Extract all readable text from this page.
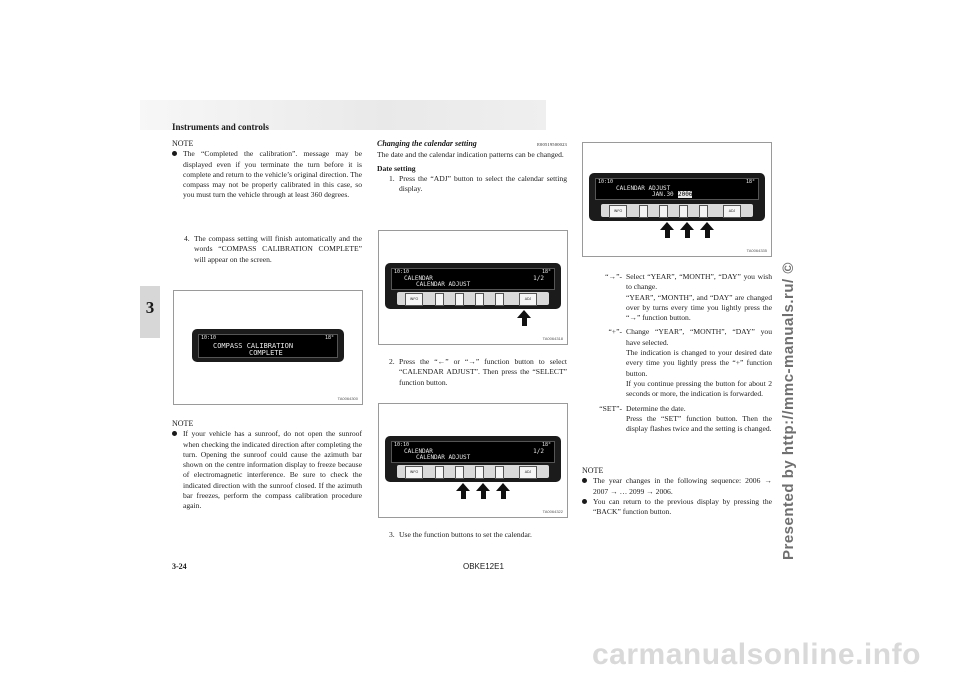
Instruments and controls
3
NOTE
The “Completed the calibration”. message may be displayed even if you terminate the turn before it is complete and return to the vehicle’s original direction. The compass may not be properly calibrated in this case, so you must turn the vehicle through at least 360 degrees.
4. The compass setting will finish automatically and the words “COMPASS CALIBRATION COMPLETE” will appear on the screen.
10:10	18°
COMPASS CALIBRATION
COMPLETE
TA0064300
NOTE
If your vehicle has a sunroof, do not open the sunroof when checking the indicated direction after completing the turn. Opening the sunroof could cause the azimuth bar shown on the centre information display to freeze because of electromagnetic interference. Be sure to check the indicated direction with the sunroof closed. If the azimuth bar freezes, perform the compass calibration procedure again.
Changing the calendar setting	E00519500023
The date and the calendar indication patterns can be changed.
Date setting
1. Press the “ADJ” button to select the calendar setting display.
10:10	18°
CALENDAR	1/2
CALENDAR ADJUST
INFO	ADJ
TA0064318
2. Press the “←” or “→” function button to select “CALENDAR ADJUST”. Then press the “SELECT” function button.
10:10	18°
CALENDAR	1/2
CALENDAR ADJUST
INFO	ADJ
TA0064322
3. Use the function buttons to set the calendar.
10:10	18°
CALENDAR ADJUST
JAN.30 2006
INFO	ADJ
TA0064335
“→”- Select “YEAR”, “MONTH”, “DAY” you wish to change.
“YEAR”, “MONTH”, and “DAY” are changed over by turns every time you lightly press the “→” function button.
“+”- Change “YEAR”, “MONTH”, “DAY” you have selected.
The indication is changed to your desired date every time you lightly press the “+” function button.
If you continue pressing the button for about 2 seconds or more, the indication is forwarded.
“SET”- Determine the date.
Press the “SET” function button. Then the display flashes twice and the setting is changed.
NOTE
The year changes in the following sequence: 2006 → 2007 → … 2099 → 2006.
You can return to the previous display by pressing the “BACK” function button.
3-24	OBKE12E1
Presented by http://mmc-manuals.ru/ ©
carmanualsonline.info
